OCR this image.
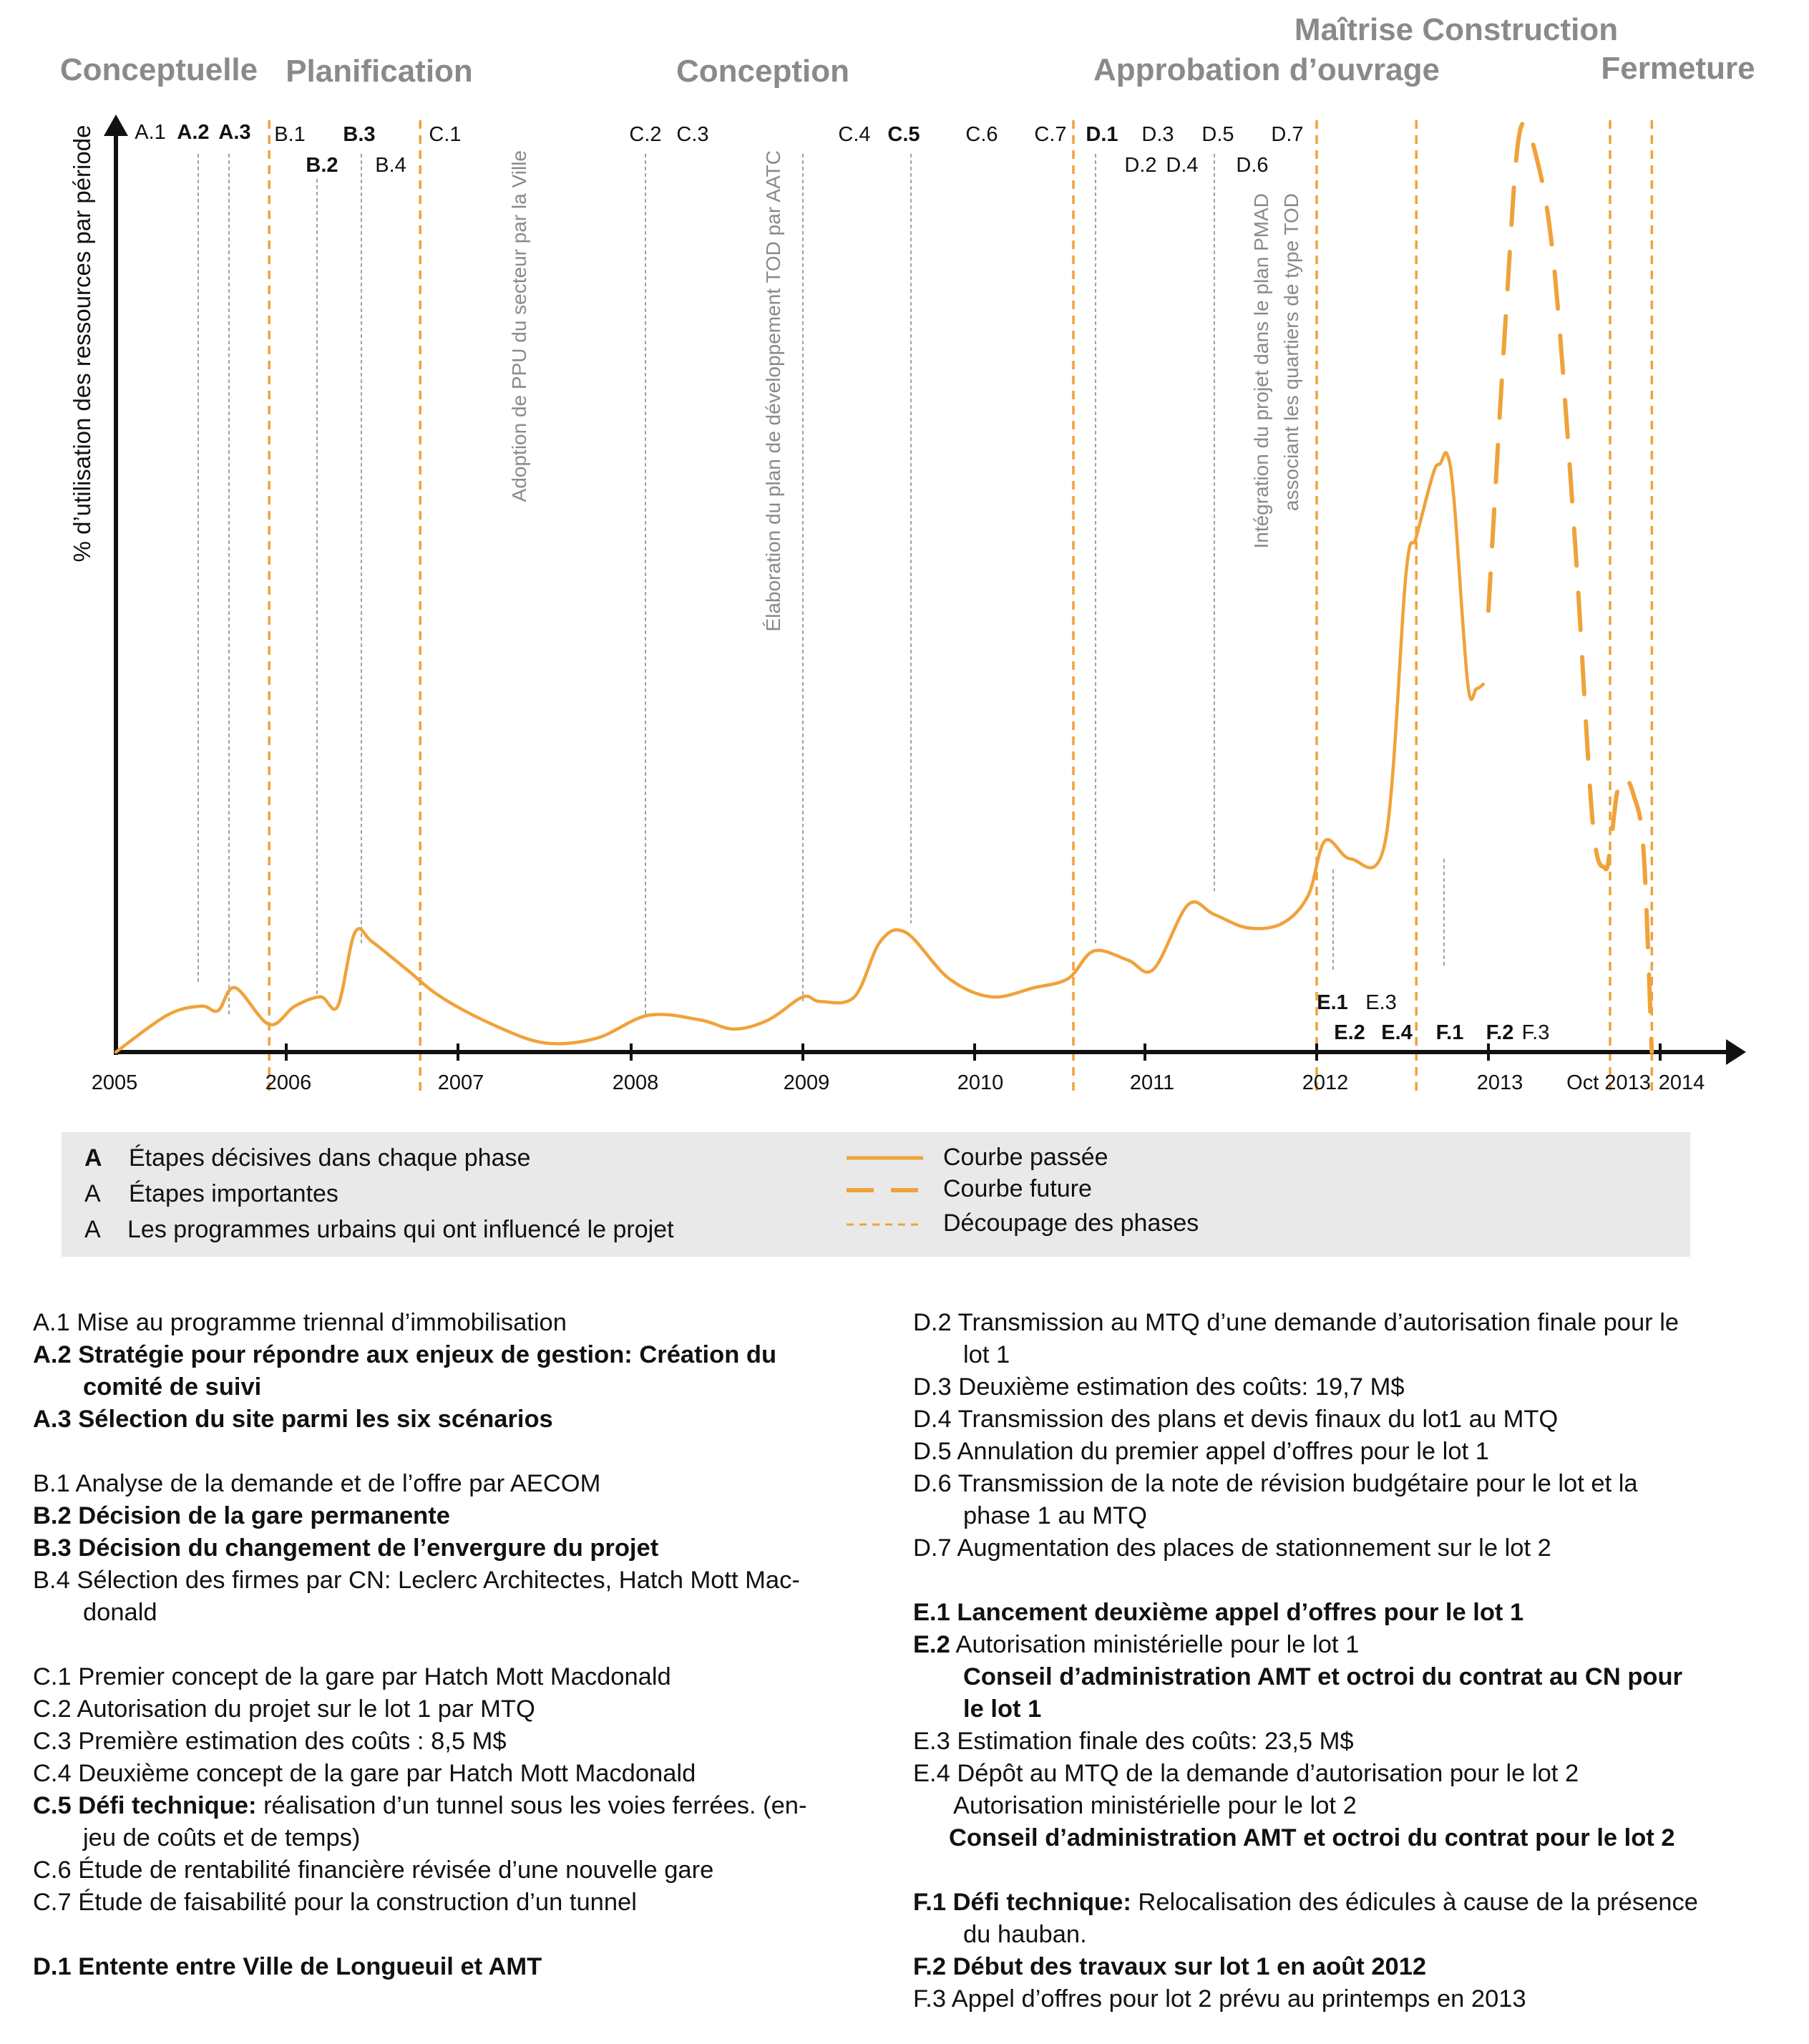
2005	2006	2007	2008	2009	2010	2011	2012	2013 Oct 2013 2014
A.1 A.2 A.3 B.1
B.2
B.3
B.4
C.1	C.2 C.3	C.4 C.5 C.6 C.7 D.1
D.2
D.3
D.4
D.5
D.6
D.7
E.1
E.2
E.3
E.4 F.1 F.2 F.3
Conceptuelle Planification	Conception	Approbation d’ouvrage
Maîtrise Construction
Fermeture
Adoption de PPU du secteur par la Ville	Élaboration du plan de développement TOD par AATC	Intégration du projet dans le plan PMAD associant les quartiers de type TOD
% d’utilisation des ressources par période
A Étapes décisives dans chaque phase
A Étapes importantes
A Les programmes urbains qui ont influencé le projet
Courbe passée
Courbe future
Découpage des phases
A.1 Mise au programme triennal d’immobilisation
A.2 Stratégie pour répondre aux enjeux de gestion: Création du
comité de suivi
A.3 Sélection du site parmi les six scénarios
B.1 Analyse de la demande et de l’offre par AECOM
B.2 Décision de la gare permanente
B.3 Décision du changement de l’envergure du projet
B.4 Sélection des firmes par CN: Leclerc Architectes, Hatch Mott Mac-
donald
C.1 Premier concept de la gare par Hatch Mott Macdonald
C.2 Autorisation du projet sur le lot 1 par MTQ
C.3 Première estimation des coûts : 8,5 M$
C.4 Deuxième concept de la gare par Hatch Mott Macdonald
C.5 Défi technique: réalisation d’un tunnel sous les voies ferrées. (en-
jeu de coûts et de temps)
C.6 Étude de rentabilité financière révisée d’une nouvelle gare
C.7 Étude de faisabilité pour la construction d’un tunnel
D.1 Entente entre Ville de Longueuil et AMT
D.2 Transmission au MTQ d’une demande d’autorisation finale pour le
lot 1
D.3 Deuxième estimation des coûts: 19,7 M$
D.4 Transmission des plans et devis finaux du lot1 au MTQ
D.5 Annulation du premier appel d’offres pour le lot 1
D.6 Transmission de la note de révision budgétaire pour le lot et la
phase 1 au MTQ
D.7 Augmentation des places de stationnement sur le lot 2
E.1 Lancement deuxième appel d’offres pour le lot 1
E.2 Autorisation ministérielle pour le lot 1
Conseil d’administration AMT et octroi du contrat au CN pour
le lot 1
E.3 Estimation finale des coûts: 23,5 M$
E.4 Dépôt au MTQ de la demande d’autorisation pour le lot 2
Autorisation ministérielle pour le lot 2
Conseil d’administration AMT et octroi du contrat pour le lot 2
F.1 Défi technique: Relocalisation des édicules à cause de la présence
du hauban.
F.2 Début des travaux sur lot 1 en août 2012
F.3 Appel d’offres pour lot 2 prévu au printemps en 2013
